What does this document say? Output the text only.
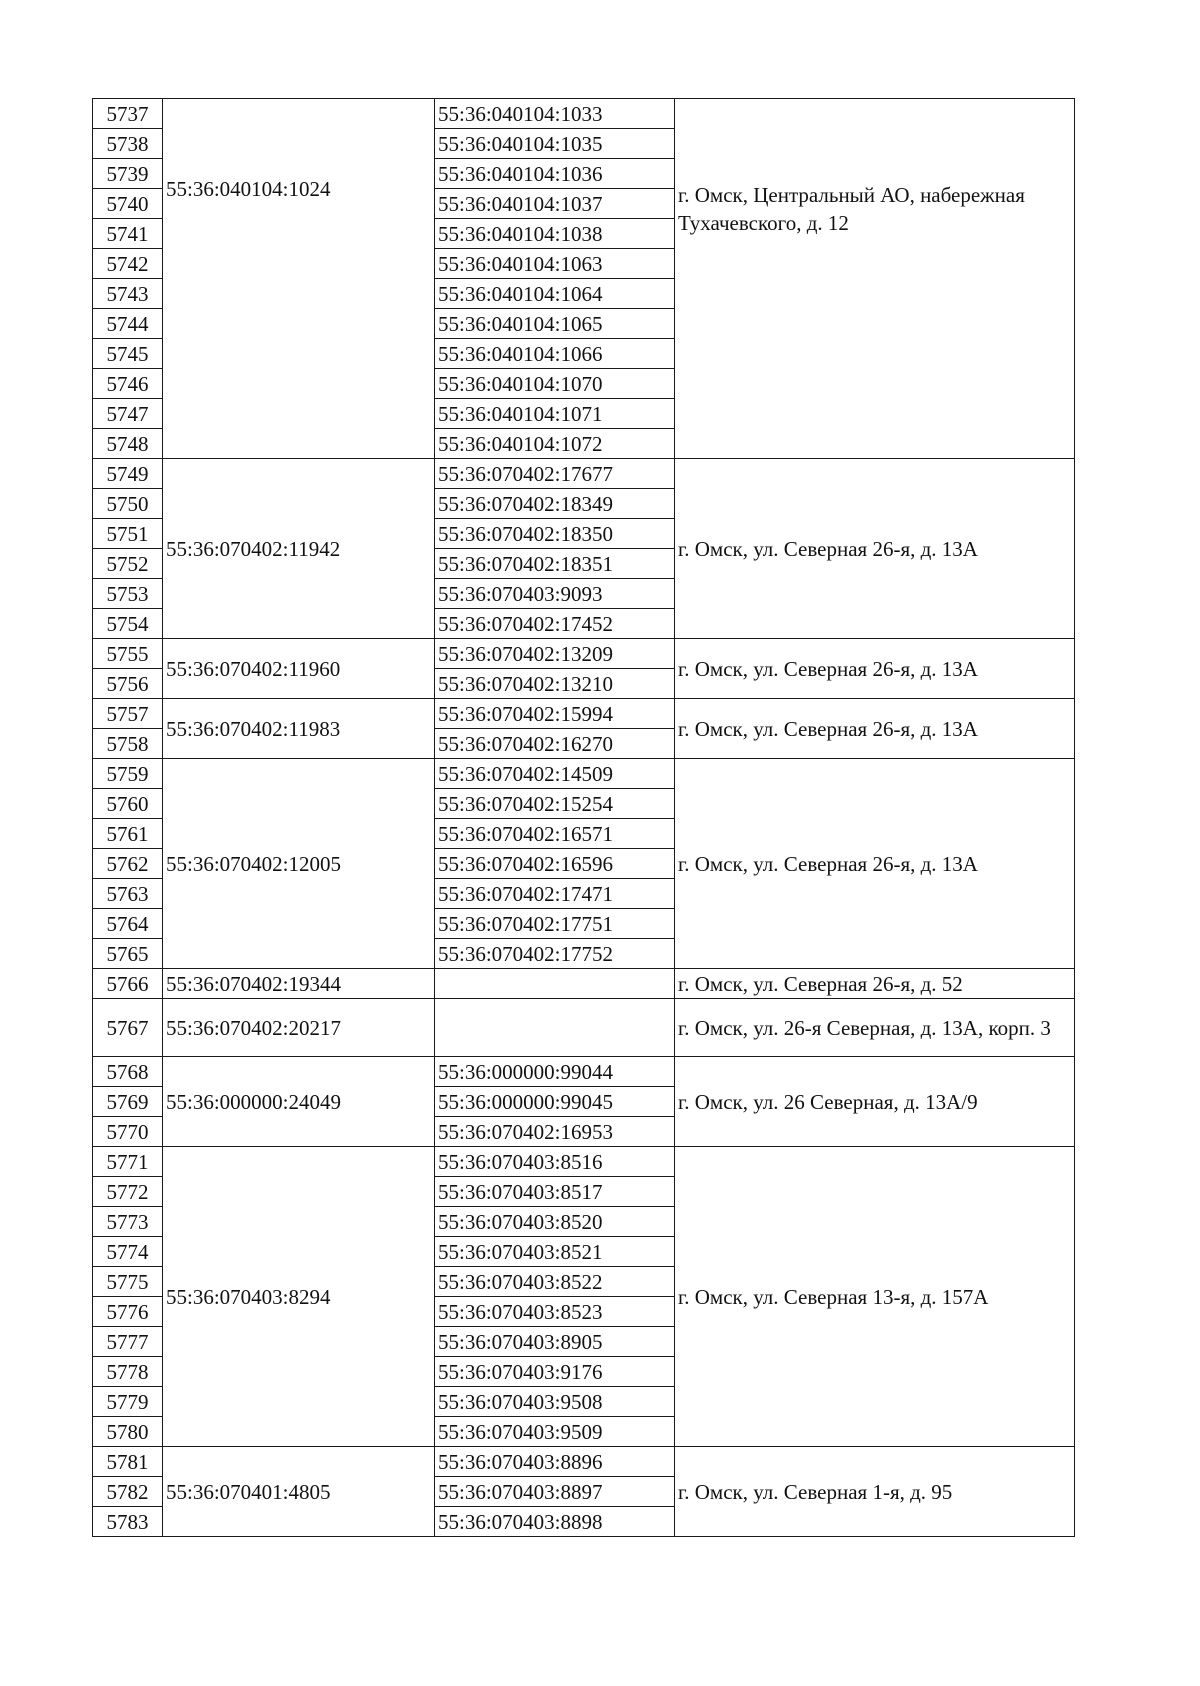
5737	55:36:040104:1024	55:36:040104:1033	г. Омск, Центральный АО, набережная Тухачевского, д. 12
5738		55:36:040104:1035	
5739		55:36:040104:1036	
5740		55:36:040104:1037	
5741		55:36:040104:1038	
5742		55:36:040104:1063	
5743		55:36:040104:1064	
5744		55:36:040104:1065	
5745		55:36:040104:1066	
5746		55:36:040104:1070	
5747		55:36:040104:1071	
5748		55:36:040104:1072	
5749	55:36:070402:11942	55:36:070402:17677	г. Омск, ул. Северная 26-я, д. 13А
5750		55:36:070402:18349	
5751		55:36:070402:18350	
5752		55:36:070402:18351	
5753		55:36:070403:9093	
5754		55:36:070402:17452	
5755	55:36:070402:11960	55:36:070402:13209	г. Омск, ул. Северная 26-я, д. 13А
5756		55:36:070402:13210	
5757	55:36:070402:11983	55:36:070402:15994	г. Омск, ул. Северная 26-я, д. 13А
5758		55:36:070402:16270	
5759	55:36:070402:12005	55:36:070402:14509	г. Омск, ул. Северная 26-я, д. 13А
5760		55:36:070402:15254	
5761		55:36:070402:16571	
5762		55:36:070402:16596	
5763		55:36:070402:17471	
5764		55:36:070402:17751	
5765		55:36:070402:17752	
5766	55:36:070402:19344		г. Омск, ул. Северная 26-я, д. 52
5767	55:36:070402:20217		г. Омск, ул. 26-я Северная, д. 13А, корп. 3
5768	55:36:000000:24049	55:36:000000:99044	г. Омск, ул. 26 Северная, д. 13А/9
5769		55:36:000000:99045	
5770		55:36:070402:16953	
5771	55:36:070403:8294	55:36:070403:8516	г. Омск, ул. Северная 13-я, д. 157А
5772		55:36:070403:8517	
5773		55:36:070403:8520	
5774		55:36:070403:8521	
5775		55:36:070403:8522	
5776		55:36:070403:8523	
5777		55:36:070403:8905	
5778		55:36:070403:9176	
5779		55:36:070403:9508	
5780		55:36:070403:9509	
5781	55:36:070401:4805	55:36:070403:8896	г. Омск, ул. Северная 1-я, д. 95
5782		55:36:070403:8897	
5783		55:36:070403:8898	
